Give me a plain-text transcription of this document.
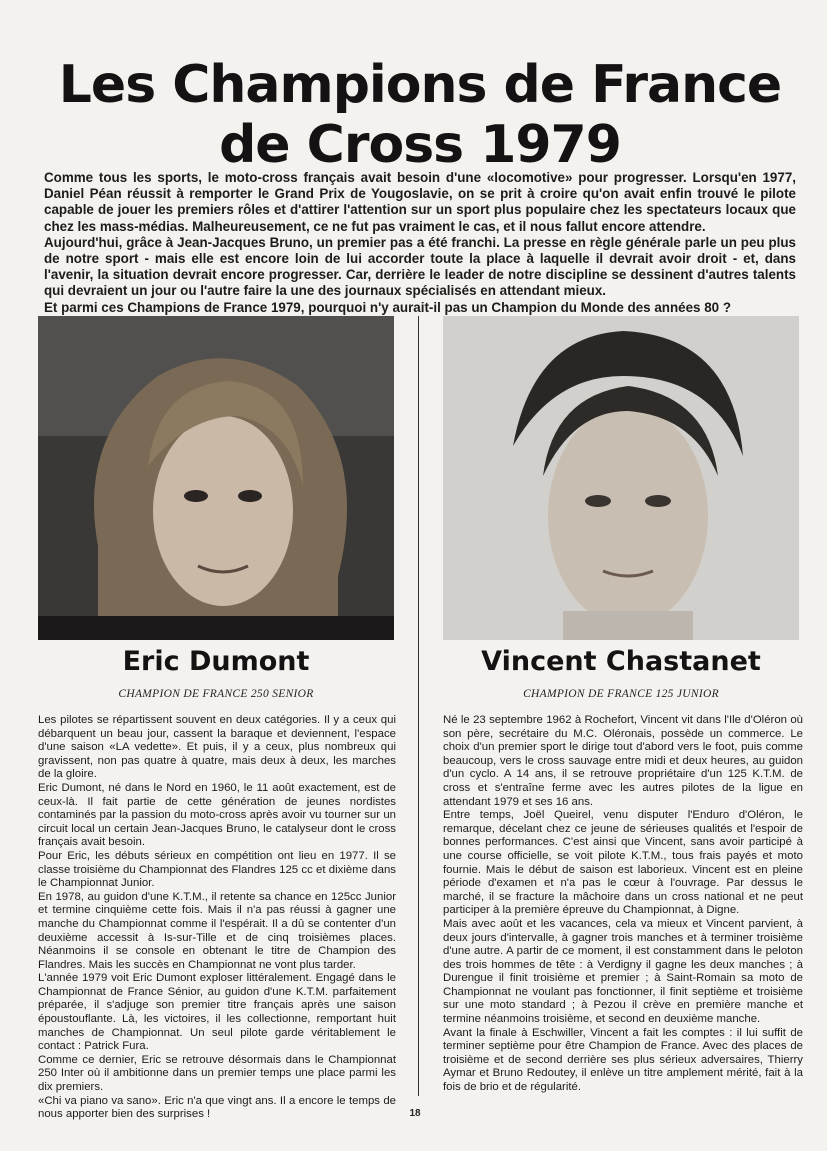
Les Champions de France
de Cross 1979

Comme tous les sports, le moto-cross français avait besoin d'une «locomotive» pour progresser. Lorsqu'en 1977, Daniel Péan réussit à remporter le Grand Prix de Yougoslavie, on se prit à croire qu'on avait enfin trouvé le pilote capable de jouer les premiers rôles et d'attirer l'attention sur un sport plus populaire chez les spectateurs locaux que chez les mass-médias. Malheureusement, ce ne fut pas vraiment le cas, et il nous fallut encore attendre.

Aujourd'hui, grâce à Jean-Jacques Bruno, un premier pas a été franchi. La presse en règle générale parle un peu plus de notre sport - mais elle est encore loin de lui accorder toute la place à laquelle il devrait avoir droit - et, dans l'avenir, la situation devrait encore progresser. Car, derrière le leader de notre discipline se dessinent d'autres talents qui devraient un jour ou l'autre faire la une des journaux spécialisés en attendant mieux.

Et parmi ces Champions de France 1979, pourquoi n'y aurait-il pas un Champion du Monde des années 80 ?

Eric Dumont	Vincent Chastanet
CHAMPION DE FRANCE 250 SENIOR	CHAMPION DE FRANCE 125 JUNIOR

Les pilotes se répartissent souvent en deux catégories. Il y a ceux qui débarquent un beau jour, cassent la baraque et deviennent, l'espace d'une saison «LA vedette». Et puis, il y a ceux, plus nombreux qui gravissent, non pas quatre à quatre, mais deux à deux, les marches de la gloire.

Eric Dumont, né dans le Nord en 1960, le 11 août exactement, est de ceux-là. Il fait partie de cette génération de jeunes nordistes contaminés par la passion du moto-cross après avoir vu tourner sur un circuit local un certain Jean-Jacques Bruno, le catalyseur dont le cross français avait besoin.

Pour Eric, les débuts sérieux en compétition ont lieu en 1977. Il se classe troisième du Championnat des Flandres 125 cc et dixième dans le Championnat Junior.

En 1978, au guidon d'une K.T.M., il retente sa chance en 125cc Junior et termine cinquième cette fois. Mais il n'a pas réussi à gagner une manche du Championnat comme il l'espérait. Il a dû se contenter d'un deuxième accessit à Is-sur-Tille et de cinq troisièmes places. Néanmoins il se console en obtenant le titre de Champion des Flandres. Mais les succès en Championnat ne vont plus tarder.

L'année 1979 voit Eric Dumont exploser littéralement. Engagé dans le Championnat de France Sénior, au guidon d'une K.T.M. parfaitement préparée, il s'adjuge son premier titre français après une saison époustouflante. Là, les victoires, il les collectionne, remportant huit manches de Championnat. Un seul pilote garde véritablement le contact : Patrick Fura.

Comme ce dernier, Eric se retrouve désormais dans le Championnat 250 Inter où il ambitionne dans un premier temps une place parmi les dix premiers.

«Chi va piano va sano». Eric n'a que vingt ans. Il a encore le temps de nous apporter bien des surprises !

Né le 23 septembre 1962 à Rochefort, Vincent vit dans l'Ile d'Oléron où son père, secrétaire du M.C. Oléronais, possède un commerce. Le choix d'un premier sport le dirige tout d'abord vers le foot, puis comme beaucoup, vers le cross sauvage entre midi et deux heures, au guidon d'un cyclo. A 14 ans, il se retrouve propriétaire d'un 125 K.T.M. de cross et s'entraîne ferme avec les autres pilotes de la ligue en attendant 1979 et ses 16 ans.

Entre temps, Joël Queirel, venu disputer l'Enduro d'Oléron, le remarque, décelant chez ce jeune de sérieuses qualités et l'espoir de bonnes performances. C'est ainsi que Vincent, sans avoir participé à une course officielle, se voit pilote K.T.M., tous frais payés et moto fournie. Mais le début de saison est laborieux. Vincent est en pleine période d'examen et n'a pas le cœur à l'ouvrage. Par dessus le marché, il se fracture la mâchoire dans un cross national et ne peut participer à la première épreuve du Championnat, à Digne.

Mais avec août et les vacances, cela va mieux et Vincent parvient, à deux jours d'intervalle, à gagner trois manches et à terminer troisième d'une autre. A partir de ce moment, il est constamment dans le peloton des trois hommes de tête : à Verdigny il gagne les deux manches ; à Durengue il finit troisième et premier ; à Saint-Romain sa moto de Championnat ne voulant pas fonctionner, il finit septième et troisième sur une moto standard ; à Pezou il crève en première manche et termine néanmoins troisième, et second en deuxième manche.

Avant la finale à Eschwiller, Vincent a fait les comptes : il lui suffit de terminer septième pour être Champion de France. Avec des places de troisième et de second derrière ses plus sérieux adversaires, Thierry Aymar et Bruno Redoutey, il enlève un titre amplement mérité, fait à la fois de brio et de régularité.

18
